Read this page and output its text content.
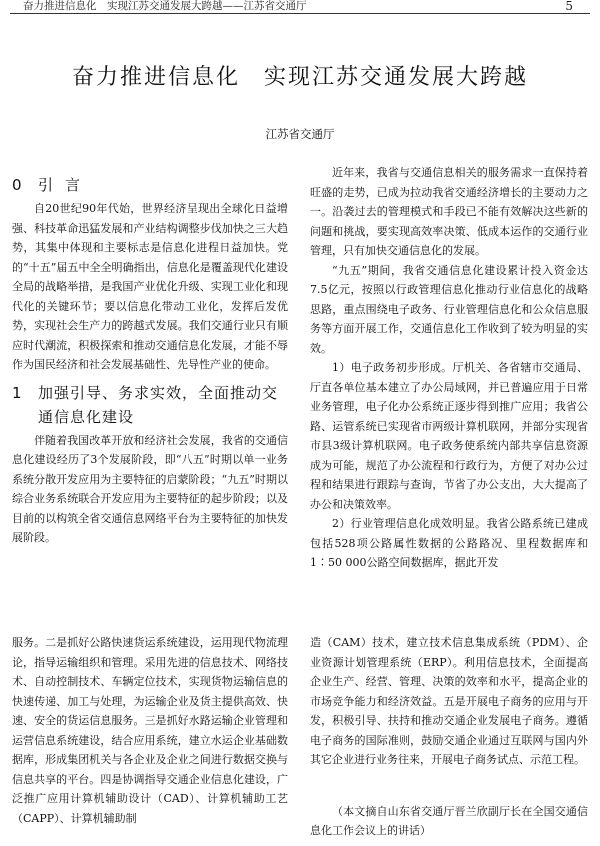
奋力推进信息化　实现江苏交通发展大跨越——江苏省交通厅	5
奋力推进信息化　实现江苏交通发展大跨越
江苏省交通厅
0	引言

自20世纪90年代始，世界经济呈现出全球化日益增强、科技革命迅猛发展和产业结构调整步伐加快之三大趋势，其集中体现和主要标志是信息化进程日益加快。党的“十五”届五中全全明确指出，信息化是覆盖现代化建设全局的战略举措，是我国产业优化升级、实现工业化和现代化的关键环节；要以信息化带动工业化，发挥后发优势，实现社会生产力的跨越式发展。我们交通行业只有顺应时代潮流，积极探索和推动交通信息化发展，才能不辱作为国民经济和社会发展基础性、先导性产业的使命。

1	加强引导、务求实效，全面推动交通信息化建设

伴随着我国改革开放和经济社会发展，我省的交通信息化建设经历了3个发展阶段，即“八五”时期以单一业务系统分散开发应用为主要特征的启蒙阶段；“九五”时期以综合业务系统联合开发应用为主要特征的起步阶段；以及目前的以构筑全省交通信息网络平台为主要特征的加快发展阶段。

近年来，我省与交通信息相关的服务需求一直保持着旺盛的走势，已成为拉动我省交通经济增长的主要动力之一。沿袭过去的管理模式和手段已不能有效解决这些新的问题和挑战，要实现高效率决策、低成本运作的交通行业管理，只有加快交通信息化的发展。

“九五”期间，我省交通信息化建设累计投入资金达7.5亿元，按照以行政管理信息化推动行业信息化的战略思路，重点围绕电子政务、行业管理信息化和公众信息服务等方面开展工作，交通信息化工作收到了较为明显的实效。

1）电子政务初步形成。厅机关、各省辖市交通局、厅直各单位基本建立了办公局域网，并已普遍应用于日常业务管理，电子化办公系统正逐步得到推广应用；我省公路、运管系统已实现省市两级计算机联网，并部分实现省市县3级计算机联网。电子政务使系统内部共享信息资源成为可能，规范了办公流程和行政行为，方便了对办公过程和结果进行跟踪与查询，节省了办公支出，大大提高了办公和决策效率。

2）行业管理信息化成效明显。我省公路系统已建成包括528项公路属性数据的公路路况、里程数据库和1∶50 000公路空间数据库，据此开发

服务。二是抓好公路快速货运系统建设，运用现代物流理论，指导运输组织和管理。采用先进的信息技术、网络技术、自动控制技术、车辆定位技术，实现货物运输信息的快速传递、加工与处理，为运输企业及货主提供高效、快速、安全的货运信息服务。三是抓好水路运输企业管理和运营信息系统建设，结合应用系统，建立水运企业基础数据库，形成集团机关与各企业及企业之间进行数据交换与信息共享的平台。四是协调指导交通企业信息化建设，广泛推广应用计算机辅助设计（CAD）、计算机辅助工艺（CAPP）、计算机辅助制

造（CAM）技术，建立技术信息集成系统（PDM）、企业资源计划管理系统（ERP）。利用信息技术，全面提高企业生产、经营、管理、决策的效率和水平，提高企业的市场竞争能力和经济效益。五是开展电子商务的应用与开发，积极引导、扶持和推动交通企业发展电子商务。遵循电子商务的国际准则，鼓励交通企业通过互联网与国内外其它企业进行业务往来，开展电子商务试点、示范工程。

（本文摘自山东省交通厅晋兰欣副厅长在全国交通信息化工作会议上的讲话）
